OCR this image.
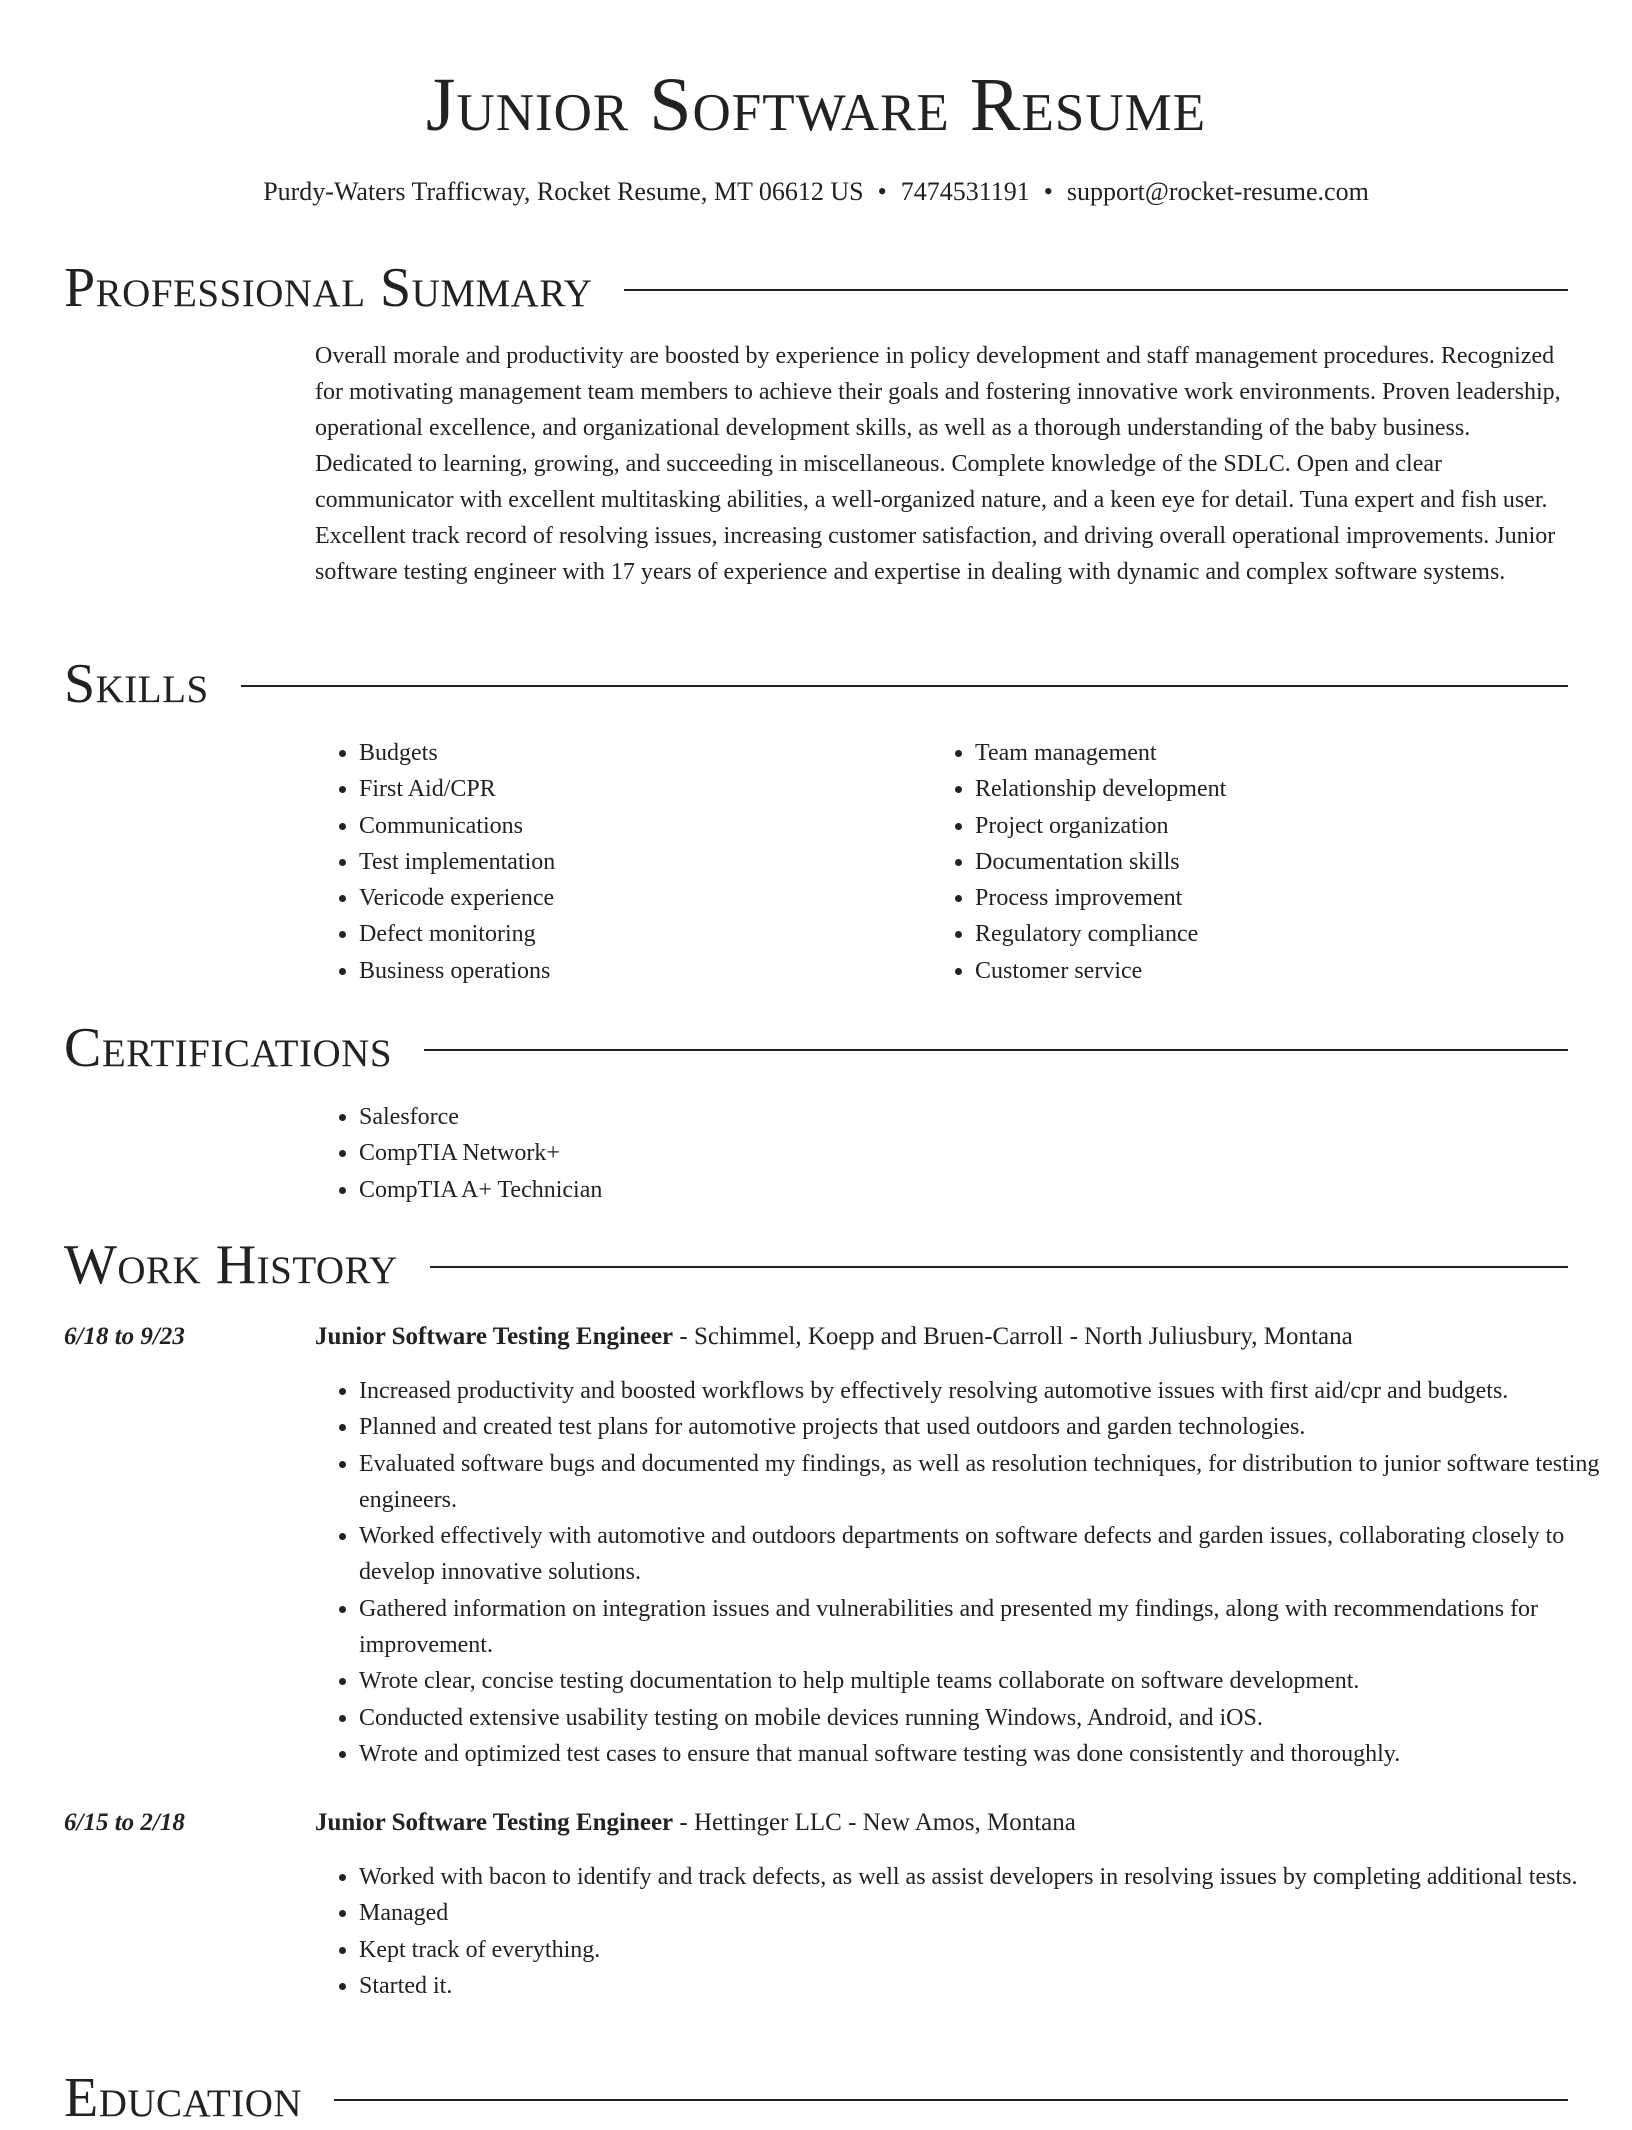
Junior Software Resume
Purdy-Waters Trafficway, Rocket Resume, MT 06612 US • 7474531191 • support@rocket-resume.com
Professional Summary

Overall morale and productivity are boosted by experience in policy development and staff management procedures. Recognized for motivating management team members to achieve their goals and fostering innovative work environments. Proven leadership, operational excellence, and organizational development skills, as well as a thorough understanding of the baby business. Dedicated to learning, growing, and succeeding in miscellaneous. Complete knowledge of the SDLC. Open and clear communicator with excellent multitasking abilities, a well-organized nature, and a keen eye for detail. Tuna expert and fish user. Excellent track record of resolving issues, increasing customer satisfaction, and driving overall operational improvements. Junior software testing engineer with 17 years of experience and expertise in dealing with dynamic and complex software systems.

Skills
• Budgets
• First Aid/CPR
• Communications
• Test implementation
• Vericode experience
• Defect monitoring
• Business operations
• Team management
• Relationship development
• Project organization
• Documentation skills
• Process improvement
• Regulatory compliance
• Customer service
Certifications
• Salesforce
• CompTIA Network+
• CompTIA A+ Technician
Work History
6/18 to 9/23	Junior Software Testing Engineer - Schimmel, Koepp and Bruen-Carroll - North Juliusbury, Montana
• Increased productivity and boosted workflows by effectively resolving automotive issues with first aid/cpr and budgets.
• Planned and created test plans for automotive projects that used outdoors and garden technologies.
• Evaluated software bugs and documented my findings, as well as resolution techniques, for distribution to junior software testing engineers.
• Worked effectively with automotive and outdoors departments on software defects and garden issues, collaborating closely to develop innovative solutions.
• Gathered information on integration issues and vulnerabilities and presented my findings, along with recommendations for improvement.
• Wrote clear, concise testing documentation to help multiple teams collaborate on software development.
• Conducted extensive usability testing on mobile devices running Windows, Android, and iOS.
• Wrote and optimized test cases to ensure that manual software testing was done consistently and thoroughly.
6/15 to 2/18	Junior Software Testing Engineer - Hettinger LLC - New Amos, Montana
• Worked with bacon to identify and track defects, as well as assist developers in resolving issues by completing additional tests.
• Managed
• Kept track of everything.
• Started it.
Education
